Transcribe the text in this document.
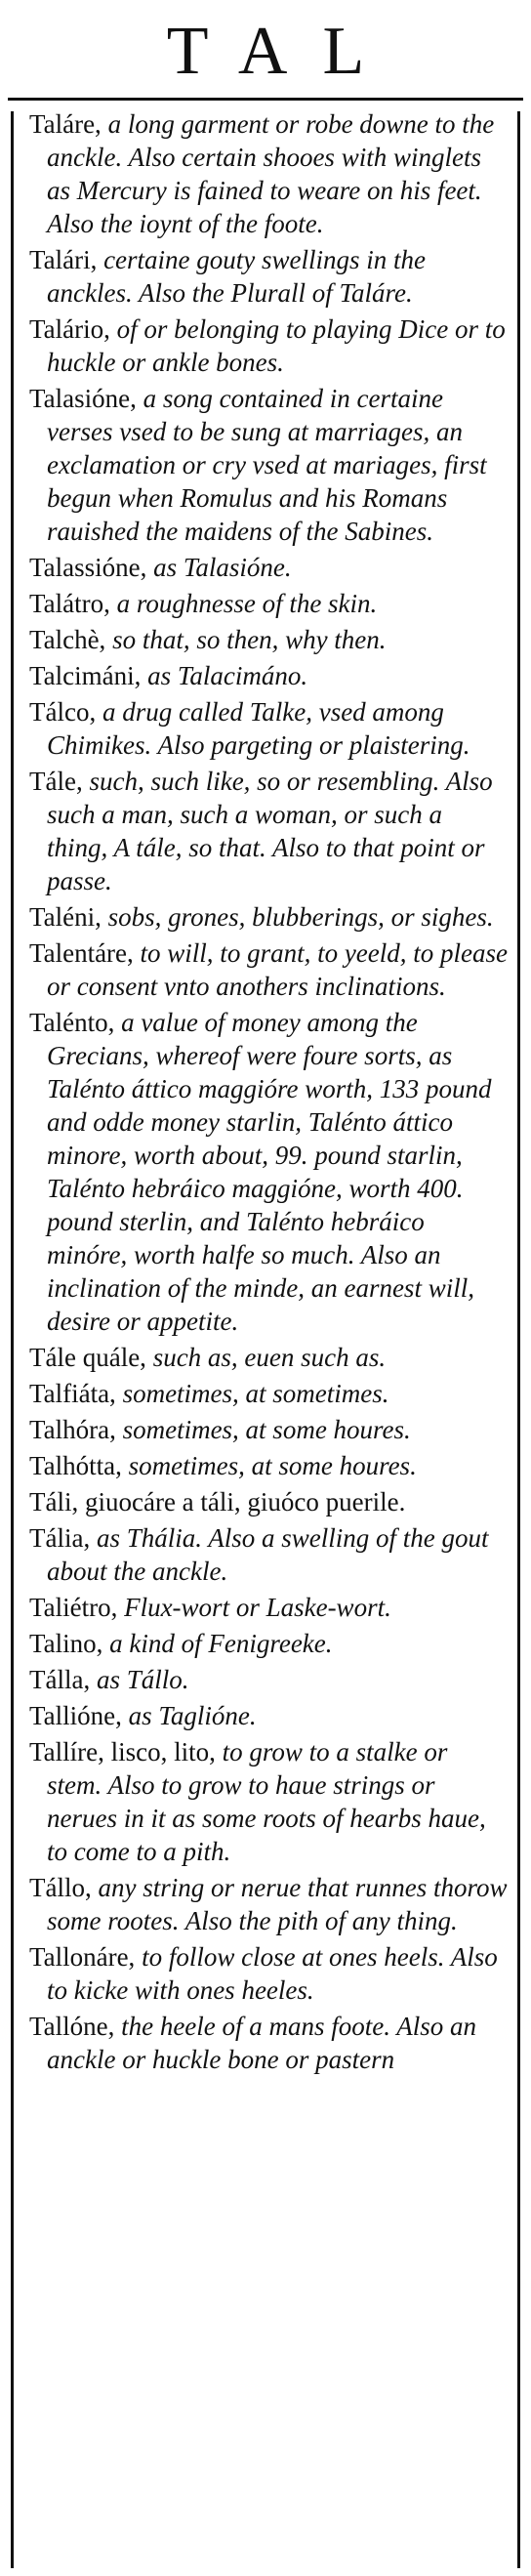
TAL

Taláre, a long garment or robe downe to the anckle. Also certain shooes with winglets as Mercury is fained to weare on his feet. Also the ioynt of the foote.

Talári, certaine gouty swellings in the anckles. Also the Plurall of Taláre.

Talário, of or belonging to playing Dice or to huckle or ankle bones.

Talasióne, a song contained in certaine verses vsed to be sung at marriages, an exclamation or cry vsed at mariages, first begun when Romulus and his Romans rauished the maidens of the Sabines.

Talassióne, as Talasióne.

Talátro, a roughnesse of the skin.

Talchè, so that, so then, why then.

Talcimáni, as Talacimáno.

Tálco, a drug called Talke, vsed among Chimikes. Also pargeting or plaistering.

Tále, such, such like, so or resembling. Also such a man, such a woman, or such a thing, A tále, so that. Also to that point or passe.

Taléni, sobs, grones, blubberings, or sighes.

Talentáre, to will, to grant, to yeeld, to please or consent vnto anothers inclinations.

Talénto, a value of money among the Grecians, whereof were foure sorts, as Talénto áttico maggióre worth, 133 pound and odde money starlin, Talénto áttico minore, worth about, 99. pound starlin, Talénto hebráico maggióne, worth 400. pound sterlin, and Talénto hebráico minóre, worth halfe so much. Also an inclination of the minde, an earnest will, desire or appetite.

Tále quále, such as, euen such as.

Talfiáta, sometimes, at sometimes.

Talhóra, sometimes, at some houres.

Talhótta, sometimes, at some houres.

Táli, giuocáre a táli, giuóco puerile.

Tália, as Thália. Also a swelling of the gout about the anckle.

Taliétro, Flux-wort or Laske-wort.

Talino, a kind of Fenigreeke.

Tálla, as Tállo.

Tallióne, as Taglióne.

Tallíre, lisco, lito, to grow to a stalke or stem. Also to grow to haue strings or nerues in it as some roots of hearbs haue, to come to a pith.

Tállo, any string or nerue that runnes thorow some rootes. Also the pith of any thing.

Tallonáre, to follow close at ones heels. Also to kicke with ones heeles.

Tallóne, the heele of a mans foote. Also an anckle or huckle bone or pastern
